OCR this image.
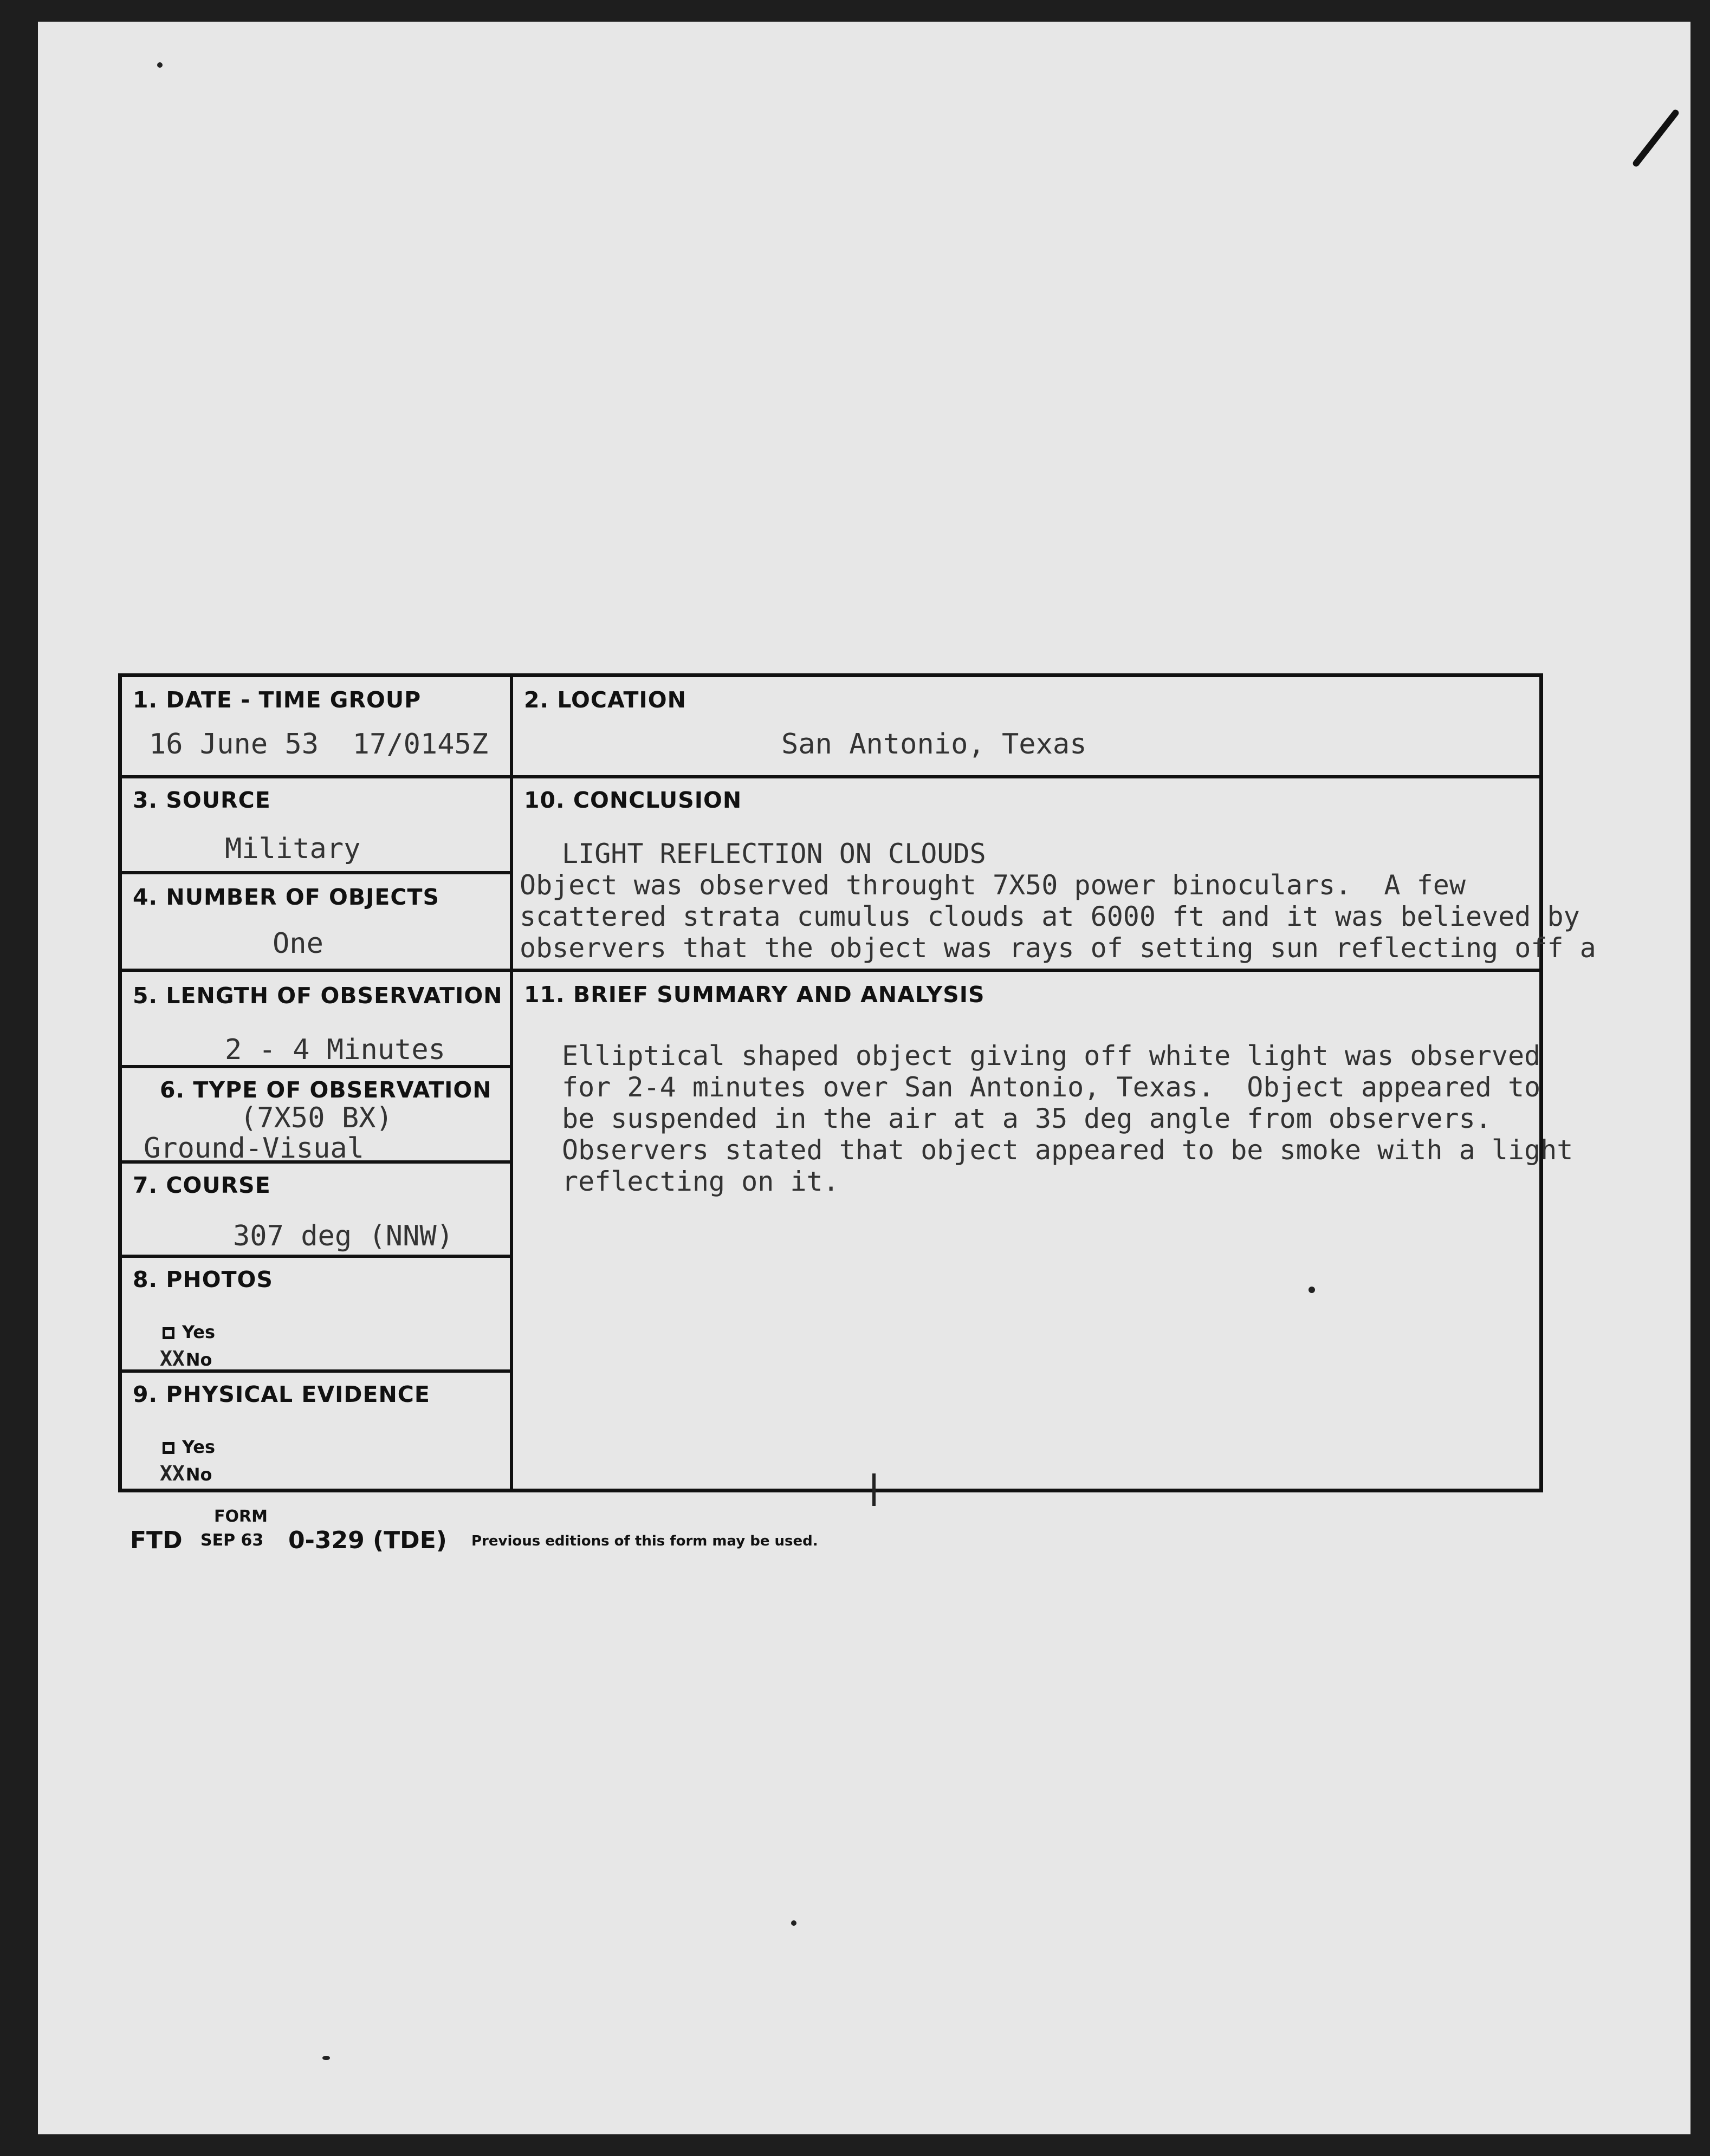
1. DATE - TIME GROUP
16 June 53  17/0145Z
2. LOCATION
San Antonio, Texas
3. SOURCE
Military
4. NUMBER OF OBJECTS
One
10. CONCLUSION
LIGHT REFLECTION ON CLOUDS
Object was observed throught 7X50 power binoculars.  A few
scattered strata cumulus clouds at 6000 ft and it was believed by
observers that the object was rays of setting sun reflecting off a
5. LENGTH OF OBSERVATION
2 - 4 Minutes
6. TYPE OF OBSERVATION
(7X50 BX)
Ground-Visual
7. COURSE
307 deg (NNW)
8. PHOTOS
Yes
XXNo
9. PHYSICAL EVIDENCE
Yes
XXNo
11. BRIEF SUMMARY AND ANALYSIS
Elliptical shaped object giving off white light was observed
for 2-4 minutes over San Antonio, Texas.  Object appeared to
be suspended in the air at a 35 deg angle from observers.
Observers stated that object appeared to be smoke with a light
reflecting on it.
FORM
FTD SEP 63 0-329 (TDE) Previous editions of this form may be used.
